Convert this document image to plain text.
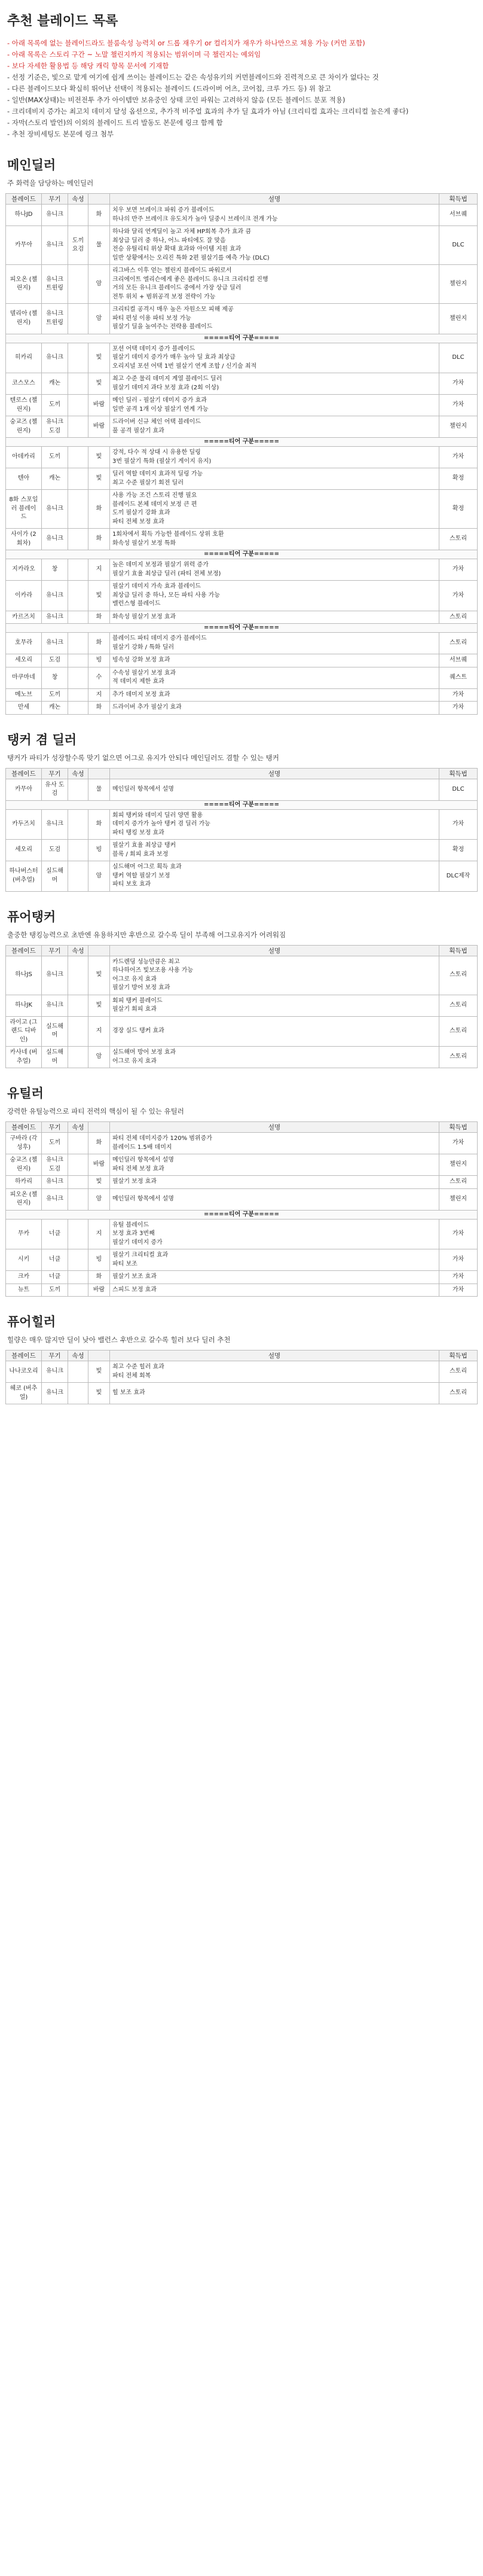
추천 블레이드 목록
- 아래 목록에 없는 블레이드라도 블룸속성 능력치 or 드롭 재우기 or 컬리치가 재우가 하나만으로 채용 가능 (커먼 포함)
- 아래 목록은 스토리 구간 ~ 노말 챌린지까지 적용되는 범위이며 극 챌린지는 예외임
- 보다 자세한 활용법 등 해당 캐릭 항목 문서에 기재함
- 선정 기준은, 빛으로 맡게 여기에 쉽게 쓰이는 블레이드는 같은 속성유키의 커먼블레이드와 진력적으로 큰 차이가 없다는 것
- 다른 블레이드보다 확실히 뛰어난 선택이 적용되는 블레이드 (드라이버 어츠, 코어칩, 크루 가드 등) 위 참고
- 일반(MAX상태)는 비전전투 추가 아이템만 보유중인 상태 코인 파워는 고려하지 않음 (모든 블레이드 분포 적용)
- 크리데비지 증가는 최고치 데미지 달성 옵션으로, 추가적 비주얼 효과의 추가 딜 효과가 아님 (크리티컬 효과는 크리티컬 높은게 좋다)
- 자막(스토리 발언)의 이외의 블레이드 트리 발동도 본문에 링크 함께 함
- 추천 장비세팅도 본문에 링크 첨부
메인딜러
주 화력을 담당하는 메인딜러
블레이드	무기	속성		설명	획득법
하나JD	유니크		화	치우 보면 브레이크 파워 증가 블레이드

하나의 반주 브레이크 유도치가 높아 딜중시 브레이크 전개 가능	서브퀘
카무아	유니크	도끼 요검	물	하나와 달리 연계딜이 높고 자체 HP회복 추가 효과 큼

최상급 딜러 중 하나, 어느 파티에도 잘 맞음

전승 유틸리티 위상 확대 효과와 아이템 지원 효과

일반 상황에서는 오리진 특화 2편 필살기를 예측 가능 (DLC)	DLC
피오온 (챌린지)	유니크 트윈링		암	리그바스 이후 얻는 챌린지 블레이드 파워로서

크리에이트 엘리슨에게 좋은 블레이드 유니크 크리티컬 진행

거의 모든 유니크 블레이드 중에서 가장 상급 딜러

전투 위치 + 범위공격 보정 전략이 가능	챌린지
델리아 (챌린지)	유니크 트윈링		암	크리티컬 공격시 매우 높은 자원소모 피해 제공

파티 편성 이용 파티 보정 가능

필살기 딜을 높여주는 전략용 블레이드	챌린지
=====티어 구분=====					
히카리	유니크		빛	포션 어택 데미지 증가 블레이드

필살기 데미지 증가가 매우 높아 딜 효과 최상급

오리지널 포션 어택 1번 필살기 연계 조합 / 신기술 최적	DLC
코스모스	캐논		빛	최고 수준 물리 데미지 계열 블레이드 딜러

필살기 데미지 과다 보정 효과 (2회 이상)	가차
텐로스 (챌린지)	도끼		바람	메인 딜러 - 필살기 데미지 증가 효과

일반 공격 1개 이상 필살기 연계 가능	가차
숭교즈 (챌린지)	유니크 도검		바람	드라이버 신규 체인 어택 블레이드

풀 공격 필살기 효과	챌린지
=====티어 구분=====					
아데카리	도끼		빛	강적, 다수 적 상대 시 유용한 딜링

3번 필살기 특화 (필살기 게이지 유지)	가차
텐아	캐논		빛	딜러 역할 데미지 효과적 딜링 가능

최고 수준 필살기 회전 딜러	확정
8화 스포일러 블레이드	유니크		화	사용 가능 조건 스토리 진행 필요

블레이드 본체 데미지 보정 큰 편

도끼 필살기 강화 효과

파티 전체 보정 효과	확정
사이가 (2회차)	유니크		화	1회차에서 획득 가능한 블레이드 상위 호환

화속성 필살기 보정 특화	스토리
=====티어 구분=====					
지카라오	창		지	높은 데미지 보정과 필살기 위력 증가

필살기 효율 최상급 딜러 (파티 전체 보정)	가차
이카라	유니크		빛	필살기 데미지 가속 효과 블레이드

최상급 딜러 중 하나, 모든 파티 사용 가능

밸런스형 블레이드	가차
카르즈치	유니크		화	화속성 필살기 보정 효과	스토리
=====티어 구분=====					
호무라	유니크		화	블레이드 파티 데미지 증가 블레이드

필살기 강화 / 특화 딜러	스토리
세오리	도검		빙	빙속성 강화 보정 효과	서브퀘
마쿠마네	창		수	수속성 필살기 보정 효과

적 데미지 제한 효과	퀘스트
메노브	도끼		지	추가 데미지 보정 효과	가차
만세	캐논		화	드라이버 추가 필살기 효과	가차
탱커 겸 딜러
탱커가 파티가 성장할수록 맞기 없으면 어그로 유지가 안되다 메인딜러도 겸할 수 있는 탱커
블레이드	무기	속성		설명	획득법
카무아	유사 도검		물	메인딜러 항목에서 설명	DLC
=====티어 구분=====					
카두즈치	유니크		화	회피 탱커와 데미지 딜러 양면 활용

데미지 증가가 높아 탱커 겸 딜러 가능

파티 탱킹 보정 효과	가차
세오리	도검		빙	필살기 효율 최상급 탱커

블록 / 회피 효과 보정	확정
하나버스터 (버추얼)	실드해머		암	실드해머 어그로 획득 효과

탱커 역할 필살기 보정

파티 보호 효과	DLC제작
퓨어탱커
출중한 탱킹능력으로 초반엔 유용하지만 후반으로 갈수록 딜이 부족해 어그로유지가 어려워짐
블레이드	무기	속성		설명	획득법
하나JS	유니크		빛	카드렌딩 성능만큼은 최고

하나하어즈 빛보조용 사용 가능

어그로 유지 효과

필살기 방어 보정 효과	스토리
하나JK	유니크		빛	회피 탱커 블레이드

필살기 회피 효과	스토리
라이고 (그랜드 디바인)	실드해머		지	경장 실드 탱커 효과	스토리
카사네 (버추얼)	실드해머		암	실드해머 방어 보정 효과

어그로 유지 효과	스토리
유틸러
강력한 유틸능력으로 파티 전력의 핵심이 될 수 있는 유틸러
블레이드	무기	속성		설명	획득법
구바라 (각성후)	도끼		화	파티 전체 데미지증가 120% 범위증가

블레이드 1.5배 데미지	가차
숭교즈 (챌린지)	유니크 도검		바람	메인딜러 항목에서 설명

파티 전체 보정 효과	챌린지
하카리	유니크		빛	필살기 보정 효과	스토리
피오온 (챌린지)	유니크		암	메인딜러 항목에서 설명	챌린지
=====티어 구분=====					
무카	너클		지	유틸 블레이드

보정 효과 3번째

필살기 데미지 증가	가차
시키	너클		빙	필살기 크리티컬 효과

파티 보조	가차
크카	너클		화	필살기 보조 효과	가차
뉴트	도끼		바람	스피드 보정 효과	가차
퓨어힐러
힐량은 매우 많지만 딜이 낮아 밸런스 후반으로 갈수록 힐러 보다 딜러 추천
블레이드	무기	속성		설명	획득법
나나코오리	유니크		빛	최고 수준 힐러 효과

파티 전체 회복	스토리
헤코 (버추얼)	유니크		빛	힐 보조 효과	스토리
